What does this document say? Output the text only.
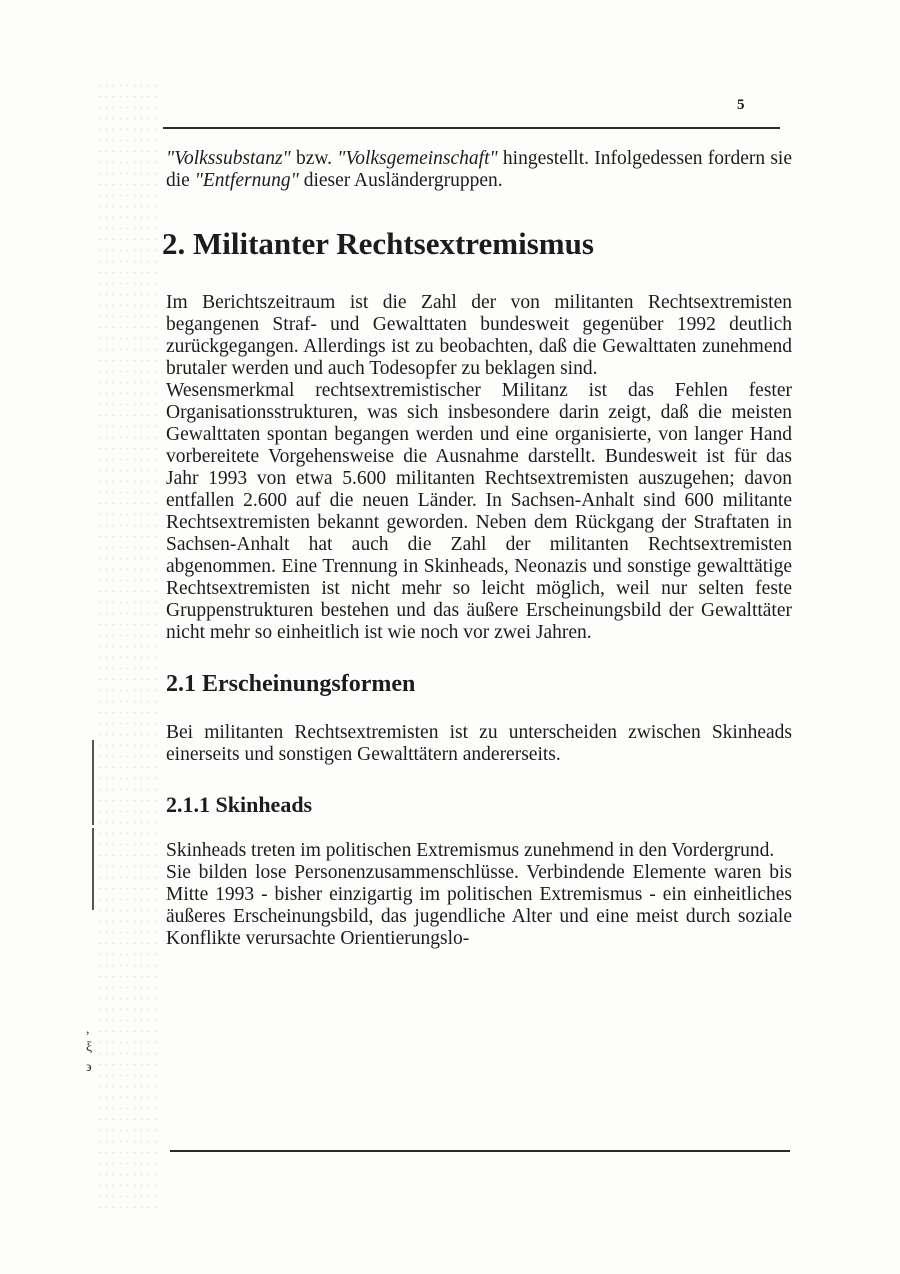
,
ξ
϶
5

"Volkssubstanz" bzw. "Volksgemeinschaft" hingestellt. Infolgedessen fordern sie die "Entfernung" dieser Ausländergruppen.

2. Militanter Rechtsextremismus

Im Berichtszeitraum ist die Zahl der von militanten Rechtsextremisten begangenen Straf- und Gewalttaten bundesweit gegenüber 1992 deutlich zurückgegangen. Allerdings ist zu beobachten, daß die Gewalttaten zunehmend brutaler werden und auch Todesopfer zu beklagen sind.

Wesensmerkmal rechtsextremistischer Militanz ist das Fehlen fester Organisationsstrukturen, was sich insbesondere darin zeigt, daß die meisten Gewalttaten spontan begangen werden und eine organisierte, von langer Hand vorbereitete Vorgehensweise die Ausnahme darstellt. Bundesweit ist für das Jahr 1993 von etwa 5.600 militanten Rechtsextremisten auszugehen; davon entfallen 2.600 auf die neuen Länder. In Sachsen-Anhalt sind 600 militante Rechtsextremisten bekannt geworden. Neben dem Rückgang der Straftaten in Sachsen-Anhalt hat auch die Zahl der militanten Rechtsextremisten abgenommen. Eine Trennung in Skinheads, Neonazis und sonstige gewalttätige Rechtsextremisten ist nicht mehr so leicht möglich, weil nur selten feste Gruppenstrukturen bestehen und das äußere Erscheinungsbild der Gewalttäter nicht mehr so einheitlich ist wie noch vor zwei Jahren.

2.1 Erscheinungsformen

Bei militanten Rechtsextremisten ist zu unterscheiden zwischen Skinheads einerseits und sonstigen Gewalttätern andererseits.

2.1.1 Skinheads

Skinheads treten im politischen Extremismus zunehmend in den Vordergrund.

Sie bilden lose Personenzusammenschlüsse. Verbindende Elemente waren bis Mitte 1993 - bisher einzigartig im politischen Extremismus - ein einheitliches äußeres Erscheinungsbild, das jugendliche Alter und eine meist durch soziale Konflikte verursachte Orientierungslo-
